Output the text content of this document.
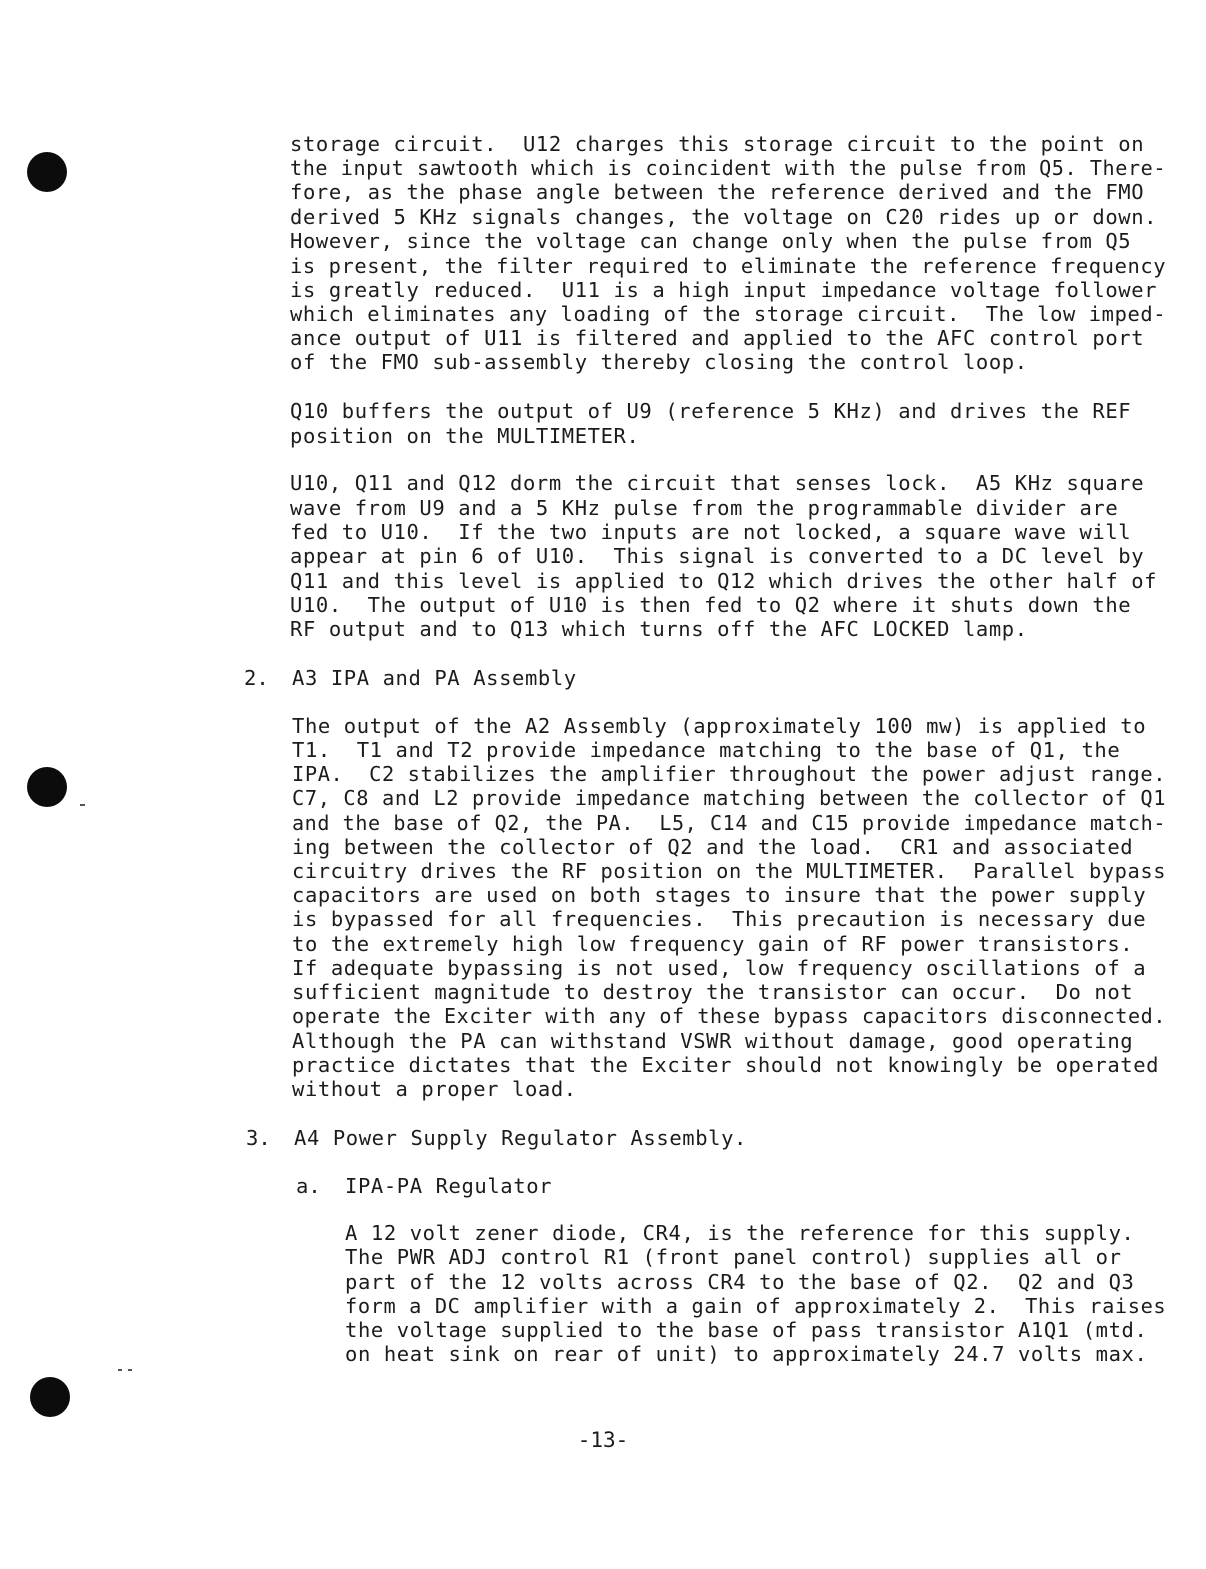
storage circuit.  U12 charges this storage circuit to the point on
the input sawtooth which is coincident with the pulse from Q5. There-
fore, as the phase angle between the reference derived and the FMO
derived 5 KHz signals changes, the voltage on C20 rides up or down.
However, since the voltage can change only when the pulse from Q5
is present, the filter required to eliminate the reference frequency
is greatly reduced.  U11 is a high input impedance voltage follower
which eliminates any loading of the storage circuit.  The low imped-
ance output of U11 is filtered and applied to the AFC control port
of the FMO sub-assembly thereby closing the control loop.
Q10 buffers the output of U9 (reference 5 KHz) and drives the REF
position on the MULTIMETER.
U10, Q11 and Q12 dorm the circuit that senses lock.  A5 KHz square
wave from U9 and a 5 KHz pulse from the programmable divider are
fed to U10.  If the two inputs are not locked, a square wave will
appear at pin 6 of U10.  This signal is converted to a DC level by
Q11 and this level is applied to Q12 which drives the other half of
U10.  The output of U10 is then fed to Q2 where it shuts down the
RF output and to Q13 which turns off the AFC LOCKED lamp.
2. A3 IPA and PA Assembly
The output of the A2 Assembly (approximately 100 mw) is applied to
T1.  T1 and T2 provide impedance matching to the base of Q1, the
IPA.  C2 stabilizes the amplifier throughout the power adjust range.
C7, C8 and L2 provide impedance matching between the collector of Q1
and the base of Q2, the PA.  L5, C14 and C15 provide impedance match-
ing between the collector of Q2 and the load.  CR1 and associated
circuitry drives the RF position on the MULTIMETER.  Parallel bypass
capacitors are used on both stages to insure that the power supply
is bypassed for all frequencies.  This precaution is necessary due
to the extremely high low frequency gain of RF power transistors.
If adequate bypassing is not used, low frequency oscillations of a
sufficient magnitude to destroy the transistor can occur.  Do not
operate the Exciter with any of these bypass capacitors disconnected.
Although the PA can withstand VSWR without damage, good operating
practice dictates that the Exciter should not knowingly be operated
without a proper load.
3. A4 Power Supply Regulator Assembly.
a. IPA-PA Regulator
A 12 volt zener diode, CR4, is the reference for this supply.
The PWR ADJ control R1 (front panel control) supplies all or
part of the 12 volts across CR4 to the base of Q2.  Q2 and Q3
form a DC amplifier with a gain of approximately 2.  This raises
the voltage supplied to the base of pass transistor A1Q1 (mtd.
on heat sink on rear of unit) to approximately 24.7 volts max.
-13-
